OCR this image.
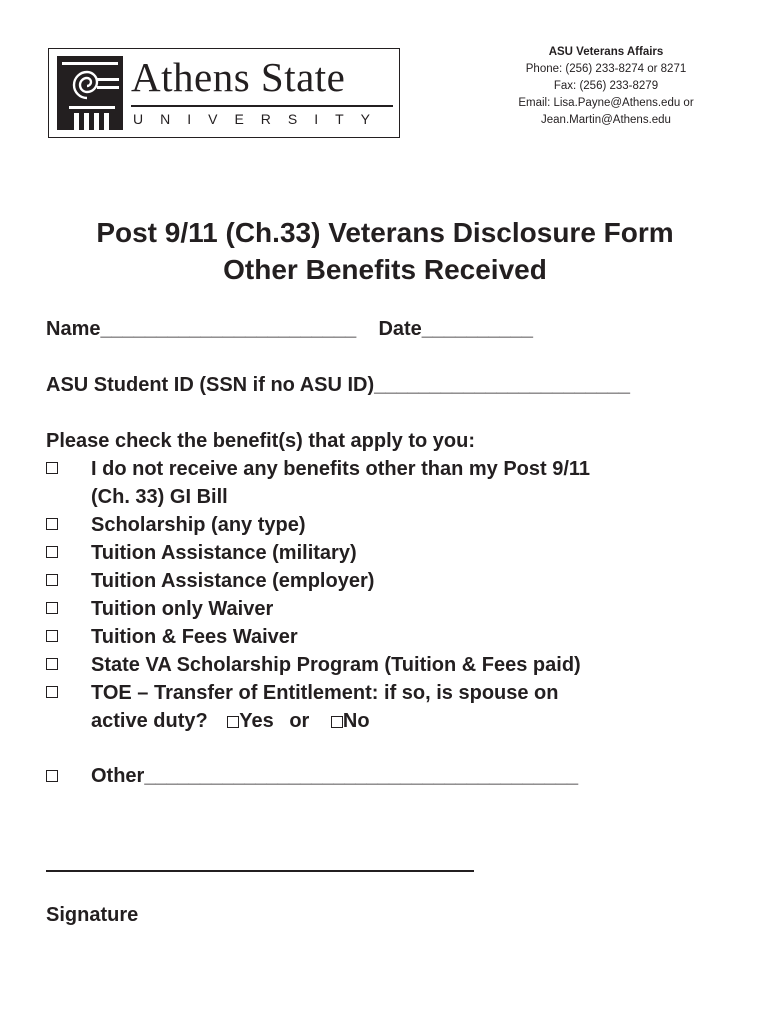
Athens State
UNIVERSITY
ASU Veterans Affairs
Phone: (256) 233-8274 or 8271
Fax: (256) 233-8279
Email: Lisa.Payne@Athens.edu or
Jean.Martin@Athens.edu
Post 9/11 (Ch.33) Veterans Disclosure Form
Other Benefits Received
Name_______________________ Date__________
ASU Student ID (SSN if no ASU ID)_______________________
Please check the benefit(s) that apply to you:
I do not receive any benefits other than my Post 9/11
(Ch. 33) GI Bill
Scholarship (any type)
Tuition Assistance (military)
Tuition Assistance (employer)
Tuition only Waiver
Tuition & Fees Waiver
State VA Scholarship Program (Tuition & Fees paid)
TOE – Transfer of Entitlement: if so, is spouse on
active duty? Yes or No
Other_______________________________________
Signature
